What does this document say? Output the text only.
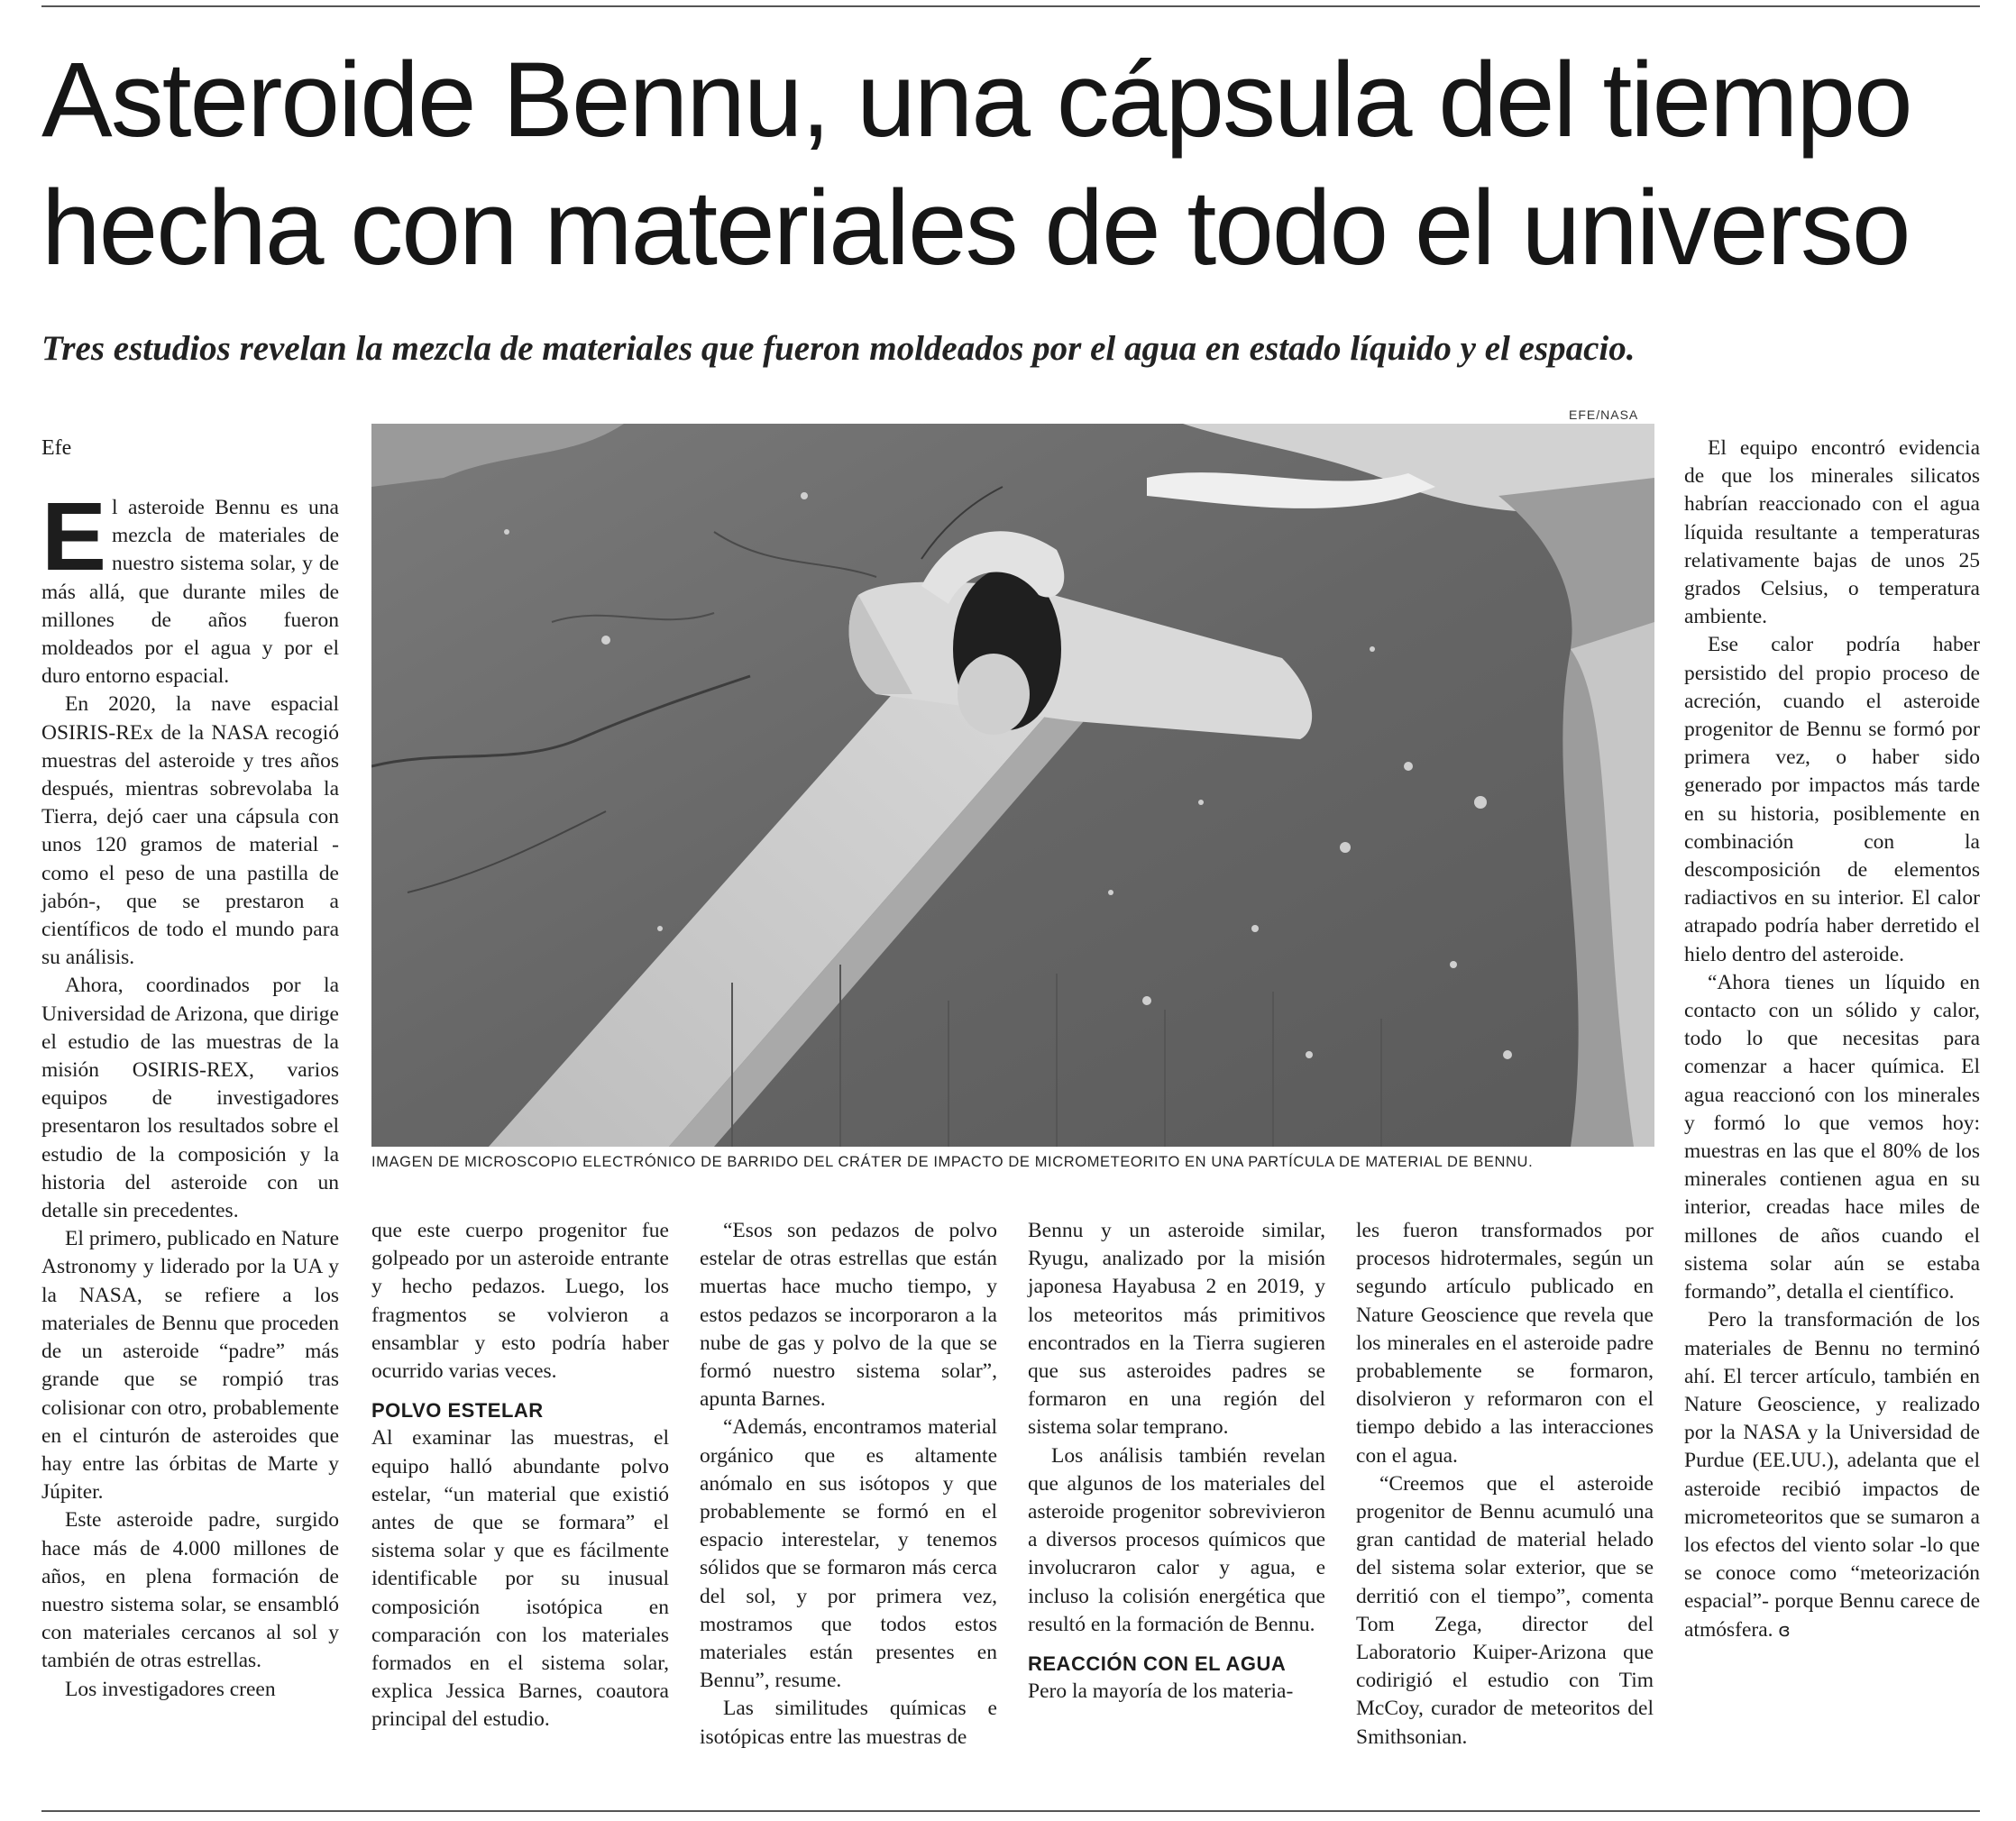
Asteroide Bennu, una cápsula del tiempo
hecha con materiales de todo el universo
Tres estudios revelan la mezcla de materiales que fueron moldeados por el agua en estado líquido y el espacio.
Efe

El asteroide Bennu es una mezcla de materiales de nuestro sistema solar, y de más allá, que durante miles de millones de años fueron moldeados por el agua y por el duro entorno espacial.

En 2020, la nave espacial OSIRIS-REx de la NASA recogió muestras del asteroide y tres años después, mientras sobrevolaba la Tierra, dejó caer una cápsula con unos 120 gramos de material -como el peso de una pastilla de jabón-, que se prestaron a científicos de todo el mundo para su análisis.

Ahora, coordinados por la Universidad de Arizona, que dirige el estudio de las muestras de la misión OSIRIS-REX, varios equipos de investigadores presentaron los resultados sobre el estudio de la composición y la historia del asteroide con un detalle sin precedentes.

El primero, publicado en Nature Astronomy y liderado por la UA y la NASA, se refiere a los materiales de Bennu que proceden de un asteroide “padre” más grande que se rompió tras colisionar con otro, probablemente en el cinturón de asteroides que hay entre las órbitas de Marte y Júpiter.

Este asteroide padre, surgido hace más de 4.000 millones de años, en plena formación de nuestro sistema solar, se ensambló con materiales cercanos al sol y también de otras estrellas.

Los investigadores creen

EFE/NASA
IMAGEN DE MICROSCOPIO ELECTRÓNICO DE BARRIDO DEL CRÁTER DE IMPACTO DE MICROMETEORITO EN UNA PARTÍCULA DE MATERIAL DE BENNU.

que este cuerpo progenitor fue golpeado por un asteroide entrante y hecho pedazos. Luego, los fragmentos se volvieron a ensamblar y esto podría haber ocurrido varias veces.

POLVO ESTELAR

Al examinar las muestras, el equipo halló abundante polvo estelar, “un material que existió antes de que se formara” el sistema solar y que es fácilmente identificable por su inusual composición isotópica en comparación con los materiales formados en el sistema solar, explica Jessica Barnes, coautora principal del estudio.

“Esos son pedazos de polvo estelar de otras estrellas que están muertas hace mucho tiempo, y estos pedazos se incorporaron a la nube de gas y polvo de la que se formó nuestro sistema solar”, apunta Barnes.

“Además, encontramos material orgánico que es altamente anómalo en sus isótopos y que probablemente se formó en el espacio interestelar, y tenemos sólidos que se formaron más cerca del sol, y por primera vez, mostramos que todos estos materiales están presentes en Bennu”, resume.

Las similitudes químicas e isotópicas entre las muestras de

Bennu y un asteroide similar, Ryugu, analizado por la misión japonesa Hayabusa 2 en 2019, y los meteoritos más primitivos encontrados en la Tierra sugieren que sus asteroides padres se formaron en una región del sistema solar temprano.

Los análisis también revelan que algunos de los materiales del asteroide progenitor sobrevivieron a diversos procesos químicos que involucraron calor y agua, e incluso la colisión energética que resultó en la formación de Bennu.

REACCIÓN CON EL AGUA

Pero la mayoría de los materia-

les fueron transformados por procesos hidrotermales, según un segundo artículo publicado en Nature Geoscience que revela que los minerales en el asteroide padre probablemente se formaron, disolvieron y reformaron con el tiempo debido a las interacciones con el agua.

“Creemos que el asteroide progenitor de Bennu acumuló una gran cantidad de material helado del sistema solar exterior, que se derritió con el tiempo”, comenta Tom Zega, director del Laboratorio Kuiper-Arizona que codirigió el estudio con Tim McCoy, curador de meteoritos del Smithsonian.

El equipo encontró evidencia de que los minerales silicatos habrían reaccionado con el agua líquida resultante a temperaturas relativamente bajas de unos 25 grados Celsius, o temperatura ambiente.

Ese calor podría haber persistido del propio proceso de acreción, cuando el asteroide progenitor de Bennu se formó por primera vez, o haber sido generado por impactos más tarde en su historia, posiblemente en combinación con la descomposición de elementos radiactivos en su interior. El calor atrapado podría haber derretido el hielo dentro del asteroide.

“Ahora tienes un líquido en contacto con un sólido y calor, todo lo que necesitas para comenzar a hacer química. El agua reaccionó con los minerales y formó lo que vemos hoy: muestras en las que el 80% de los minerales contienen agua en su interior, creadas hace miles de millones de años cuando el sistema solar aún se estaba formando”, detalla el científico.

Pero la transformación de los materiales de Bennu no terminó ahí. El tercer artículo, también en Nature Geoscience, y realizado por la NASA y la Universidad de Purdue (EE.UU.), adelanta que el asteroide recibió impactos de micrometeoritos que se sumaron a los efectos del viento solar -lo que se conoce como “meteorización espacial”- porque Bennu carece de atmósfera. ɞ
